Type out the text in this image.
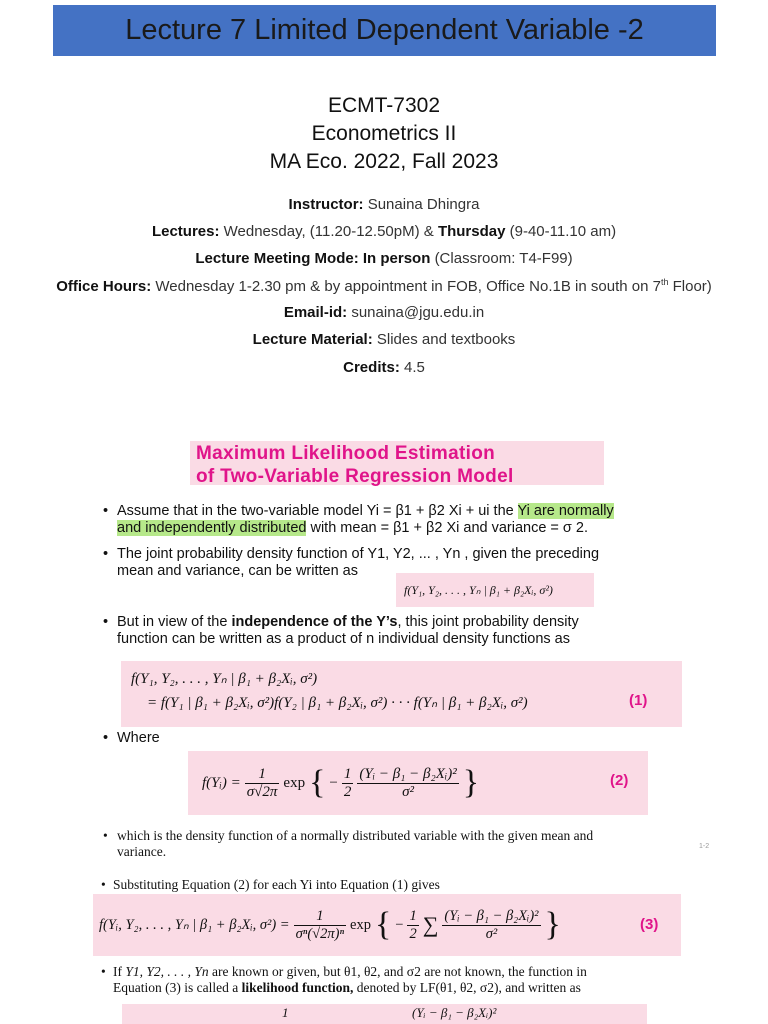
Lecture 7 Limited Dependent Variable -2
ECMT-7302
Econometrics II
MA Eco. 2022, Fall 2023
Instructor: Sunaina Dhingra
Lectures: Wednesday, (11.20-12.50pM) & Thursday (9-40-11.10 am)
Lecture Meeting Mode: In person (Classroom: T4-F99)
Office Hours: Wednesday 1-2.30 pm & by appointment in FOB, Office No.1B in south on 7th Floor)
Email-id: sunaina@jgu.edu.in
Lecture Material: Slides and textbooks
Credits: 4.5
Maximum Likelihood Estimation
of Two-Variable Regression Model
• Assume that in the two-variable model Yi = β1 + β2 Xi + ui the Yi are normally
and independently distributed with mean = β1 + β2 Xi and variance = σ 2.
• The joint probability density function of Y1, Y2, ... , Yn , given the preceding
mean and variance, can be written as
f(Y₁, Y₂, . . . , Yₙ | β₁ + β₂Xᵢ, σ²)
• But in view of the independence of the Y’s, this joint probability density
function can be written as a product of n individual density functions as
f(Y₁, Y₂, . . . , Yₙ | β₁ + β₂Xᵢ, σ²)
= f(Y₁ | β₁ + β₂Xᵢ, σ²)f(Y₂ | β₁ + β₂Xᵢ, σ²) · · · f(Yₙ | β₁ + β₂Xᵢ, σ²)	(1)
• Where
f(Yᵢ) = $\frac{1}{\sigma√2\pi}$ exp { − $\frac{1}{2} \frac{\text{(Yᵢ − β₁ − β₂Xᵢ)²}}{\text{σ²}}$ }	(2)
• which is the density function of a normally distributed variable with the given mean and
variance.	1-2
• Substituting Equation (2) for each Yi into Equation (1) gives
f(Yᵢ, Y₂, . . . , Yₙ | β₁ + β₂Xᵢ, $\sigma^2) = \frac{1}{\text{σⁿ(√2π)ⁿ}}$ exp { − $\frac{1}{2}$ ∑ $\frac{\text{(Yᵢ − β₁ − β₂Xᵢ)²}}{\text{σ²}}$ }	(3)
• If Y1, Y2, . . . , Yn are known or given, but θ1, θ2, and σ2 are not known, the function in
Equation (3) is called a likelihood function, denoted by LF(θ1, θ2, σ2), and written as
1	(Yᵢ − β₁ − β₂Xᵢ)²
